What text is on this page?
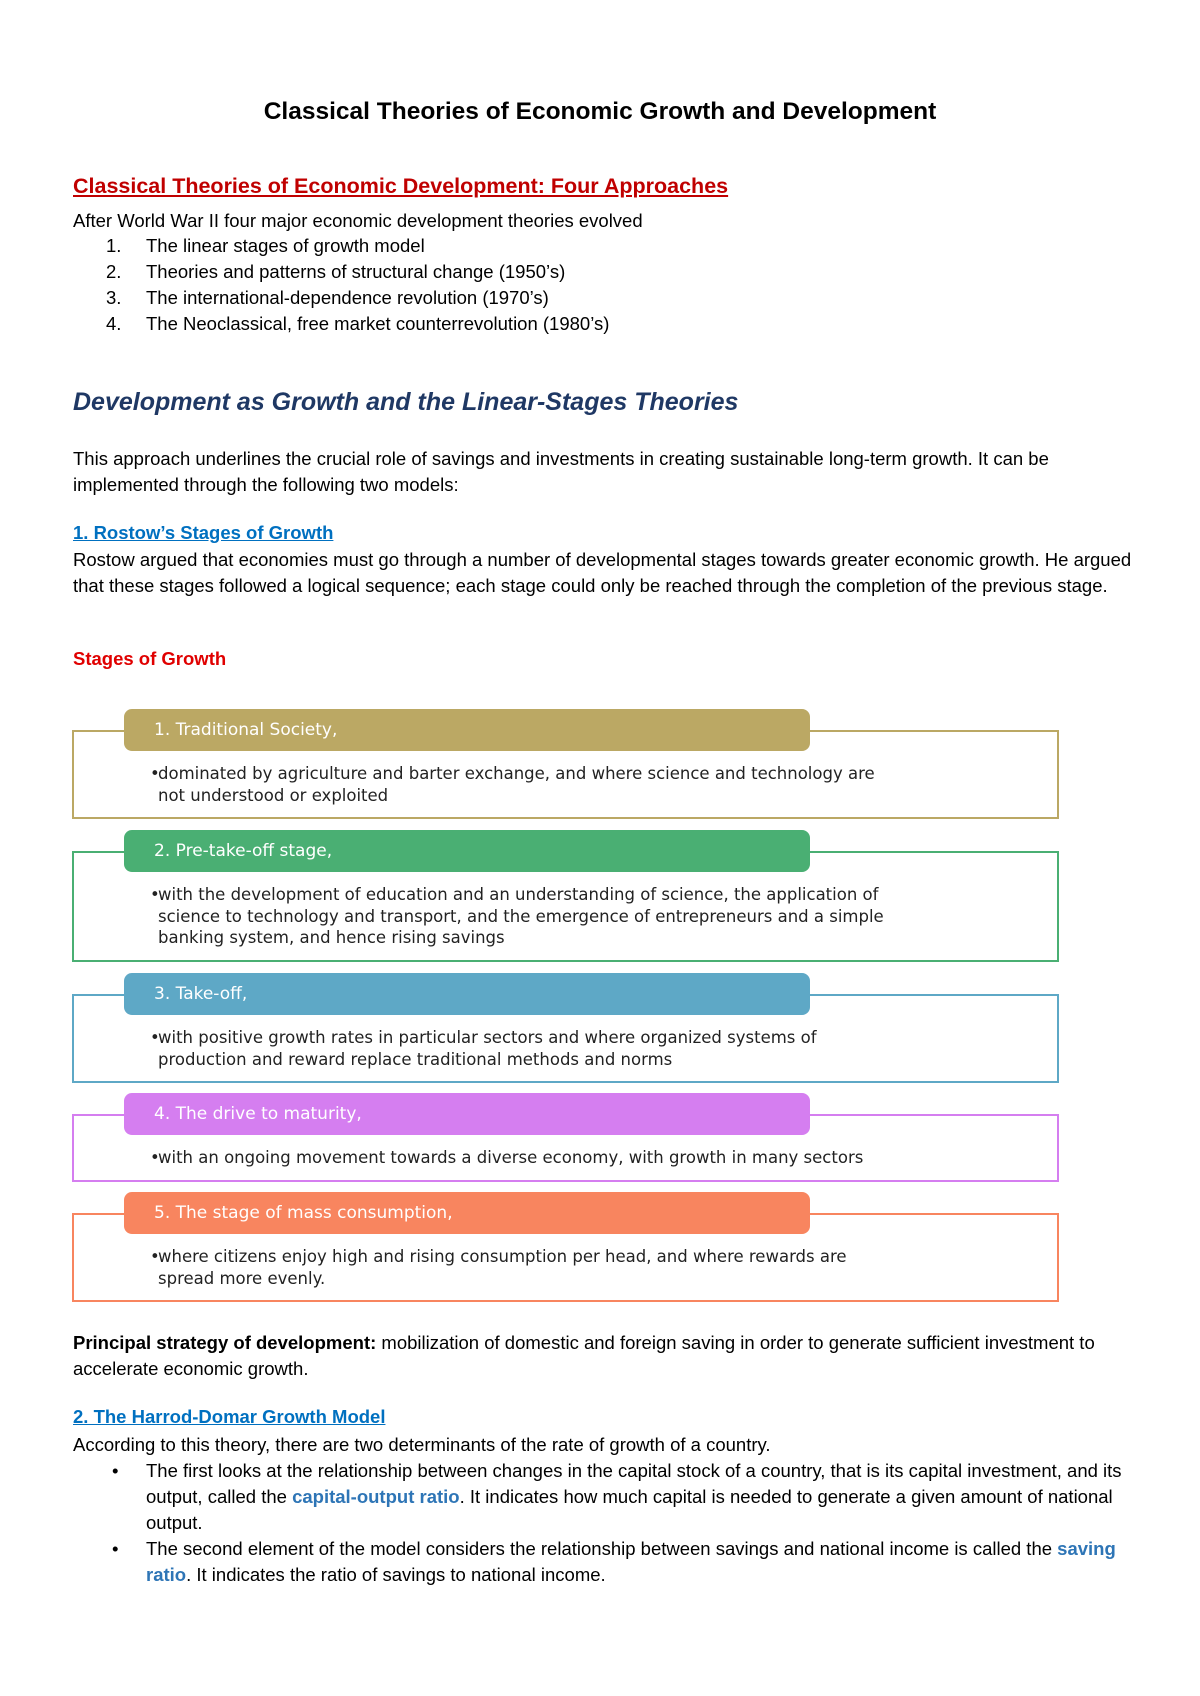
Classical Theories of Economic Growth and Development
Classical Theories of Economic Development: Four Approaches
After World War II four major economic development theories evolved
1.	The linear stages of growth model
2.	Theories and patterns of structural change (1950’s)
3.	The international-dependence revolution (1970’s)
4.	The Neoclassical, free market counterrevolution (1980’s)
Development as Growth and the Linear-Stages Theories
This approach underlines the crucial role of savings and investments in creating sustainable long-term growth. It can be implemented through the following two models:
1. Rostow’s Stages of Growth
Rostow argued that economies must go through a number of developmental stages towards greater economic growth. He argued that these stages followed a logical sequence; each stage could only be reached through the completion of the previous stage.
Stages of Growth
1. Traditional Society,
•dominated by agriculture and barter exchange, and where science and technology are
not understood or exploited
2. Pre-take-off stage,
•with the development of education and an understanding of science, the application of
science to technology and transport, and the emergence of entrepreneurs and a simple
banking system, and hence rising savings
3. Take-off,
•with positive growth rates in particular sectors and where organized systems of
production and reward replace traditional methods and norms
4. The drive to maturity,
•with an ongoing movement towards a diverse economy, with growth in many sectors
5. The stage of mass consumption,
•where citizens enjoy high and rising consumption per head, and where rewards are
spread more evenly.
Principal strategy of development: mobilization of domestic and foreign saving in order to generate sufficient investment to accelerate economic growth.
2. The Harrod-Domar Growth Model
According to this theory, there are two determinants of the rate of growth of a country.
•	The first looks at the relationship between changes in the capital stock of a country, that is its capital investment, and its output, called the capital-output ratio. It indicates how much capital is needed to generate a given amount of national output.
•	The second element of the model considers the relationship between savings and national income is called the saving ratio. It indicates the ratio of savings to national income.
